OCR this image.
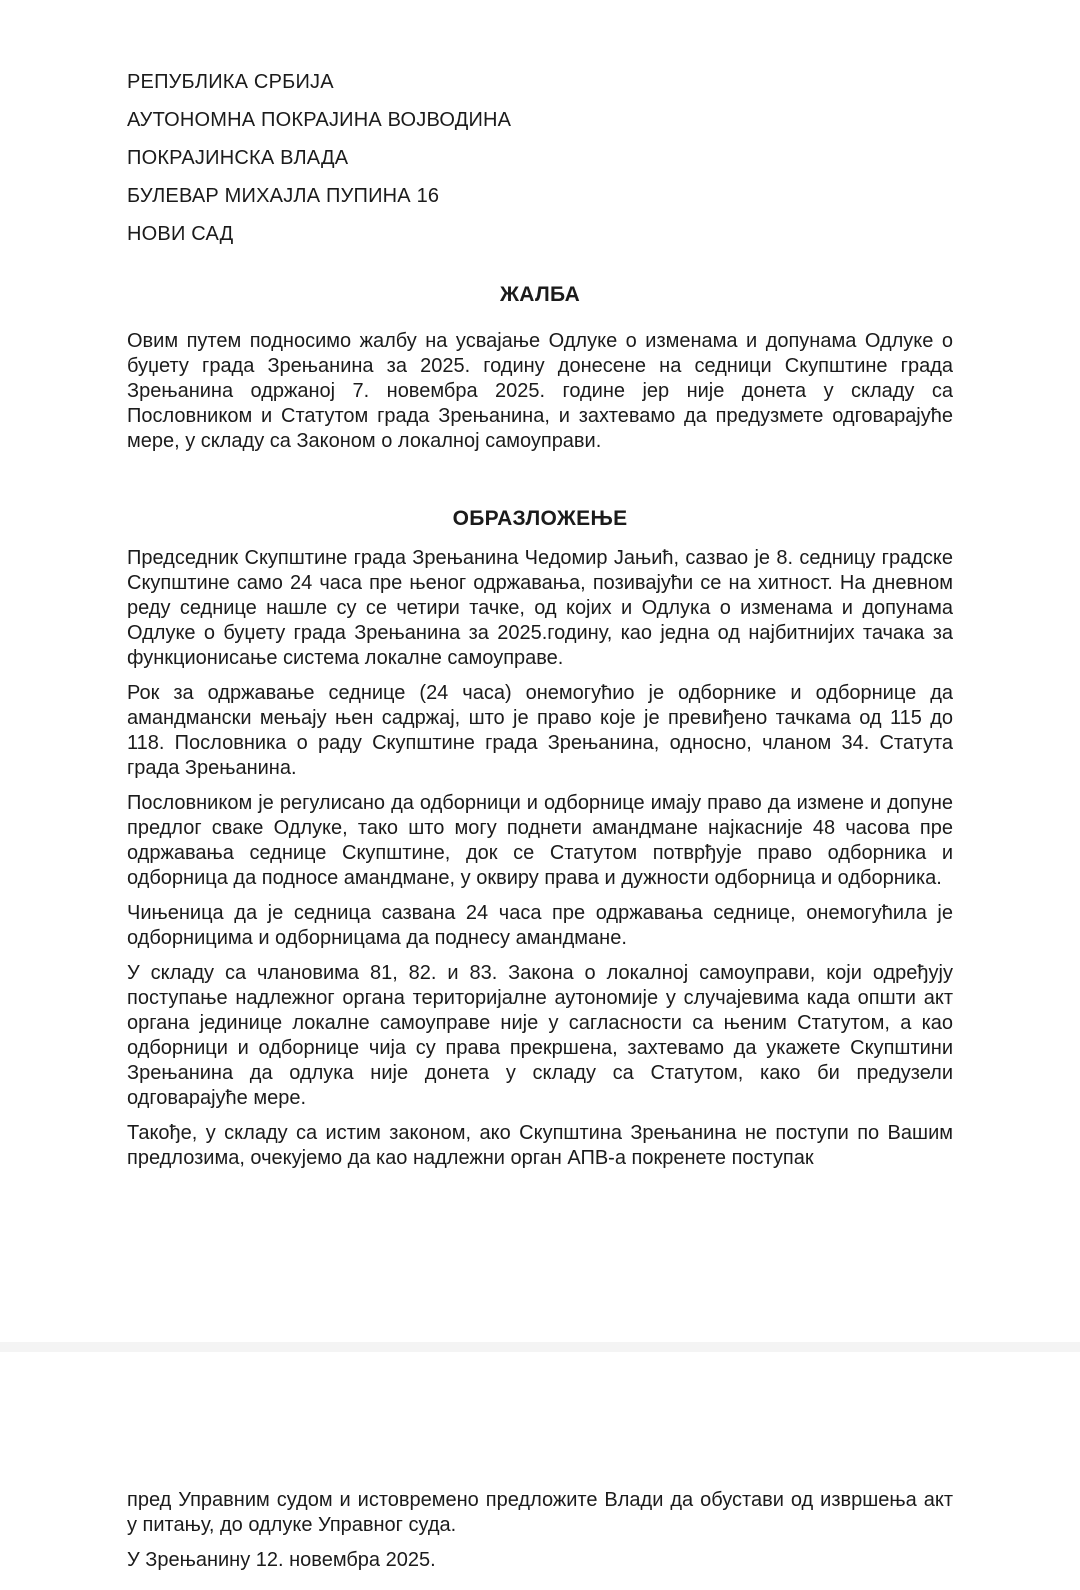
РЕПУБЛИКА СРБИЈА

АУТОНОМНА ПОКРАЈИНА ВОЈВОДИНА

ПОКРАЈИНСКА ВЛАДА

БУЛЕВАР МИХАЈЛА ПУПИНА 16

НОВИ САД

ЖАЛБА

Овим путем подносимо жалбу на усвајање Одлуке о изменама и допунама Одлуке о буџету града Зрењанина за 2025. годину донесене на седници Скупштине града Зрењанина одржаној 7. новембра 2025. године јер није донета у складу са Пословником и Статутом града Зрењанина, и захтевамо да предузмете одговарајуће мере, у складу са Законом о локалној самоуправи.

ОБРАЗЛОЖЕЊЕ

Председник Скупштине града Зрењанина Чедомир Јањић, сазвао је 8. седницу градске Скупштине само 24 часа пре њеног одржавања, позивајући се на хитност. На дневном реду седнице нашле су се четири тачке, од којих и Одлука о изменама и допунама Одлуке о буџету града Зрењанина за 2025.годину, као једна од најбитнијих тачака за функционисање система локалне самоуправе.

Рок за одржавање седнице (24 часа) онемогућио је одборнике и одборнице да амандмански мењају њен садржај, што је право које је превиђено тачкама од 115 до 118. Пословника о раду Скупштине града Зрењанина, односно, чланом 34. Статута града Зрењанина.

Пословником је регулисано да одборници и одборнице имају право да измене и допуне предлог сваке Одлуке, тако што могу поднети амандмане најкасније 48 часова пре одржавања седнице Скупштине, док се Статутом потврђује право одборника и одборница да подносе амандмане, у оквиру права и дужности одборница и одборника.

Чињеница да је седница сазвана 24 часа пре одржавања седнице, онемогућила је одборницима и одборницама да поднесу амандмане.

У складу са члановима 81, 82. и 83. Закона о локалној самоуправи, који одређују поступање надлежног органа територијалне аутономије у случајевима када општи акт органа јединице локалне самоуправе није у сагласности са њеним Статутом, а као одборници и одборнице чија су права прекршена, захтевамо да укажете Скупштини Зрењанина да одлука није донета у складу са Статутом, како би предузели одговарајуће мере.

Такође, у складу са истим законом, ако Скупштина Зрењанина не поступи по Вашим предлозима, очекујемо да као надлежни орган АПВ-а покренете поступак

пред Управним судом и истовремено предложите Влади да обустави од извршења акт у питању, до одлуке Управног суда.

У Зрењанину 12. новембра 2025.
